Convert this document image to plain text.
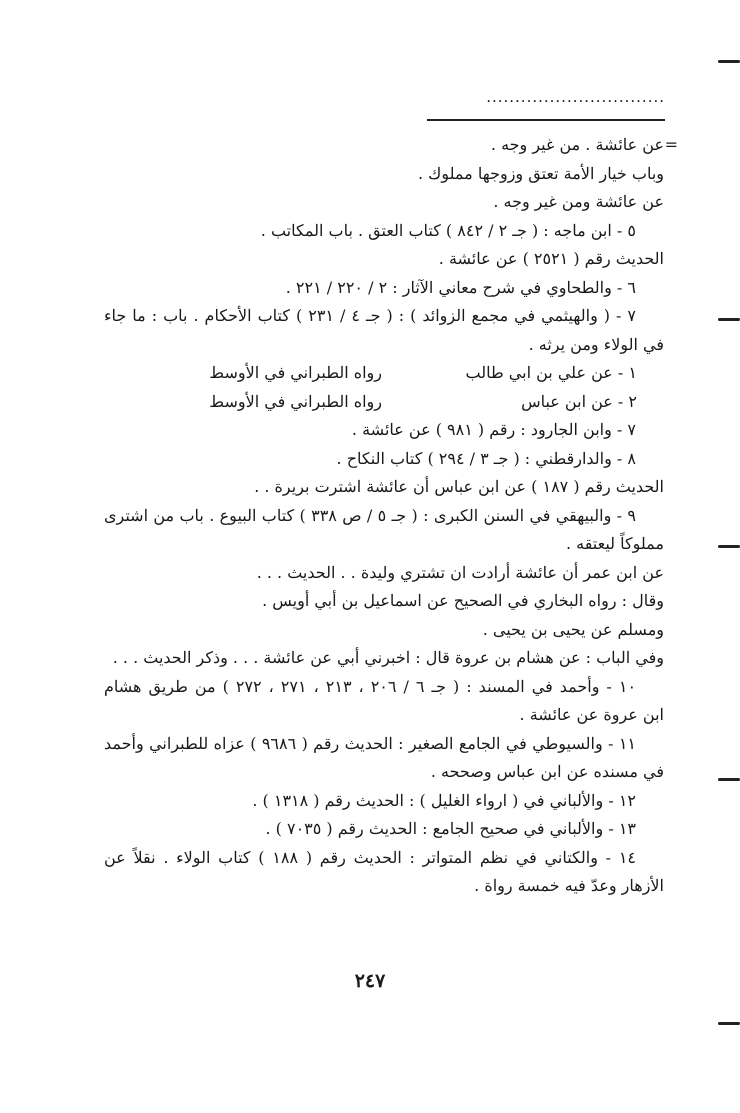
...............................
=
عن عائشة . من غير وجه .
وباب خيار الأمة تعتق وزوجها مملوك .
عن عائشة ومن غير وجه .
٥ - ابن ماجه : ( جـ ٢ / ٨٤٢ ) كتاب العتق . باب المكاتب .
الحديث رقم ( ٢٥٢١ ) عن عائشة .
٦ - والطحاوي في شرح معاني الآثار : ٢ / ٢٢٠ / ٢٢١ .
٧ - ( والهيثمي في مجمع الزوائد ) : ( جـ ٤ / ٢٣١ ) كتاب الأحكام . باب : ما جاء
في الولاء ومن يرثه .
١ - عن علي بن ابي طالب
رواه الطبراني في الأوسط
٢ - عن ابن عباس
رواه الطبراني في الأوسط
٧ - وابن الجارود : رقم ( ٩٨١ ) عن عائشة .
٨ - والدارقطني : ( جـ ٣ / ٢٩٤ ) كتاب النكاح .
الحديث رقم ( ١٨٧ ) عن ابن عباس أن عائشة اشترت بريرة . .
٩ - والبيهقي في السنن الكبرى : ( جـ ٥ / ص ٣٣٨ ) كتاب البيوع . باب من اشترى
مملوكاً ليعتقه .
عن ابن عمر أن عائشة أرادت ان تشتري وليدة . . الحديث . . .
وقال : رواه البخاري في الصحيح عن اسماعيل بن أبي أويس .
ومسلم عن يحيى بن يحيى .
وفي الباب : عن هشام بن عروة قال : اخبرني أبي عن عائشة . . . وذكر الحديث . . .
١٠ - وأحمد في المسند : ( جـ ٦ / ٢٠٦ ، ٢١٣ ، ٢٧١ ، ٢٧٢ ) من طريق هشام
ابن عروة عن عائشة .
١١ - والسيوطي في الجامع الصغير : الحديث رقم ( ٩٦٨٦ ) عزاه للطبراني وأحمد
في مسنده عن ابن عباس وصححه .
١٢ - والألباني في ( ارواء الغليل ) : الحديث رقم ( ١٣١٨ ) .
١٣ - والألباني في صحيح الجامع : الحديث رقم ( ٧٠٣٥ ) .
١٤ - والكتاني في نظم المتواتر : الحديث رقم ( ١٨٨ ) كتاب الولاء . نقلاً عن
الأزهار وعدّ فيه خمسة رواة .
٢٤٧
